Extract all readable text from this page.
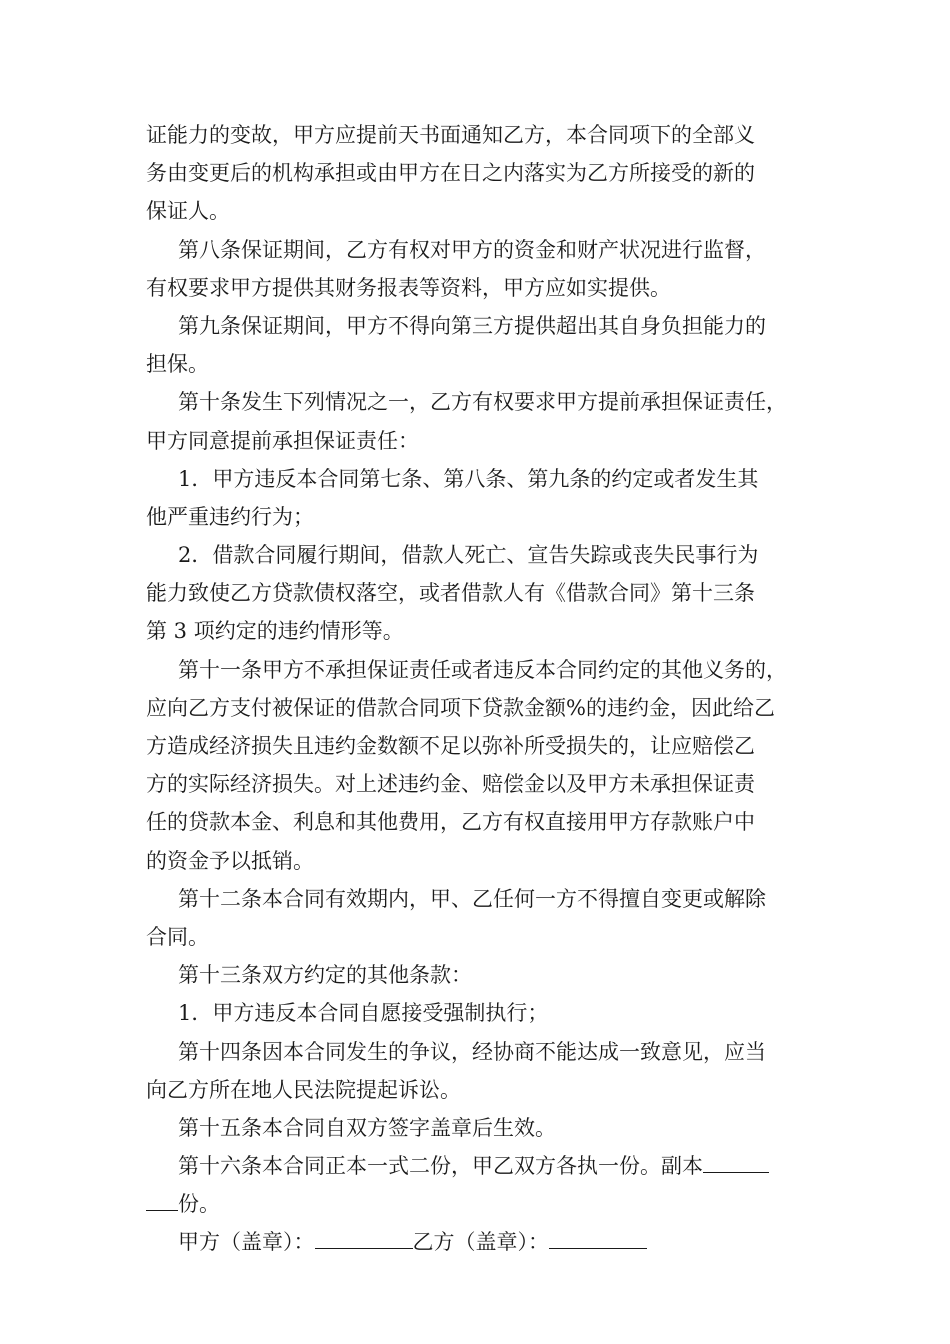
证能力的变故，甲方应提前天书面通知乙方，本合同项下的全部义
务由变更后的机构承担或由甲方在日之内落实为乙方所接受的新的
保证人。
第八条保证期间，乙方有权对甲方的资金和财产状况进行监督，
有权要求甲方提供其财务报表等资料，甲方应如实提供。
第九条保证期间，甲方不得向第三方提供超出其自身负担能力的
担保。
第十条发生下列情况之一，乙方有权要求甲方提前承担保证责任，
甲方同意提前承担保证责任：
1．甲方违反本合同第七条、第八条、第九条的约定或者发生其
他严重违约行为；
2．借款合同履行期间，借款人死亡、宣告失踪或丧失民事行为
能力致使乙方贷款债权落空，或者借款人有《借款合同》第十三条
第 3 项约定的违约情形等。
第十一条甲方不承担保证责任或者违反本合同约定的其他义务的，
应向乙方支付被保证的借款合同项下贷款金额%的违约金，因此给乙
方造成经济损失且违约金数额不足以弥补所受损失的，让应赔偿乙
方的实际经济损失。对上述违约金、赔偿金以及甲方未承担保证责
任的贷款本金、利息和其他费用，乙方有权直接用甲方存款账户中
的资金予以抵销。
第十二条本合同有效期内，甲、乙任何一方不得擅自变更或解除
合同。
第十三条双方约定的其他条款：
1．甲方违反本合同自愿接受强制执行；
第十四条因本合同发生的争议，经协商不能达成一致意见，应当
向乙方所在地人民法院提起诉讼。
第十五条本合同自双方签字盖章后生效。
第十六条本合同正本一式二份，甲乙双方各执一份。副本
份。
甲方（盖章）：	乙方（盖章）：
